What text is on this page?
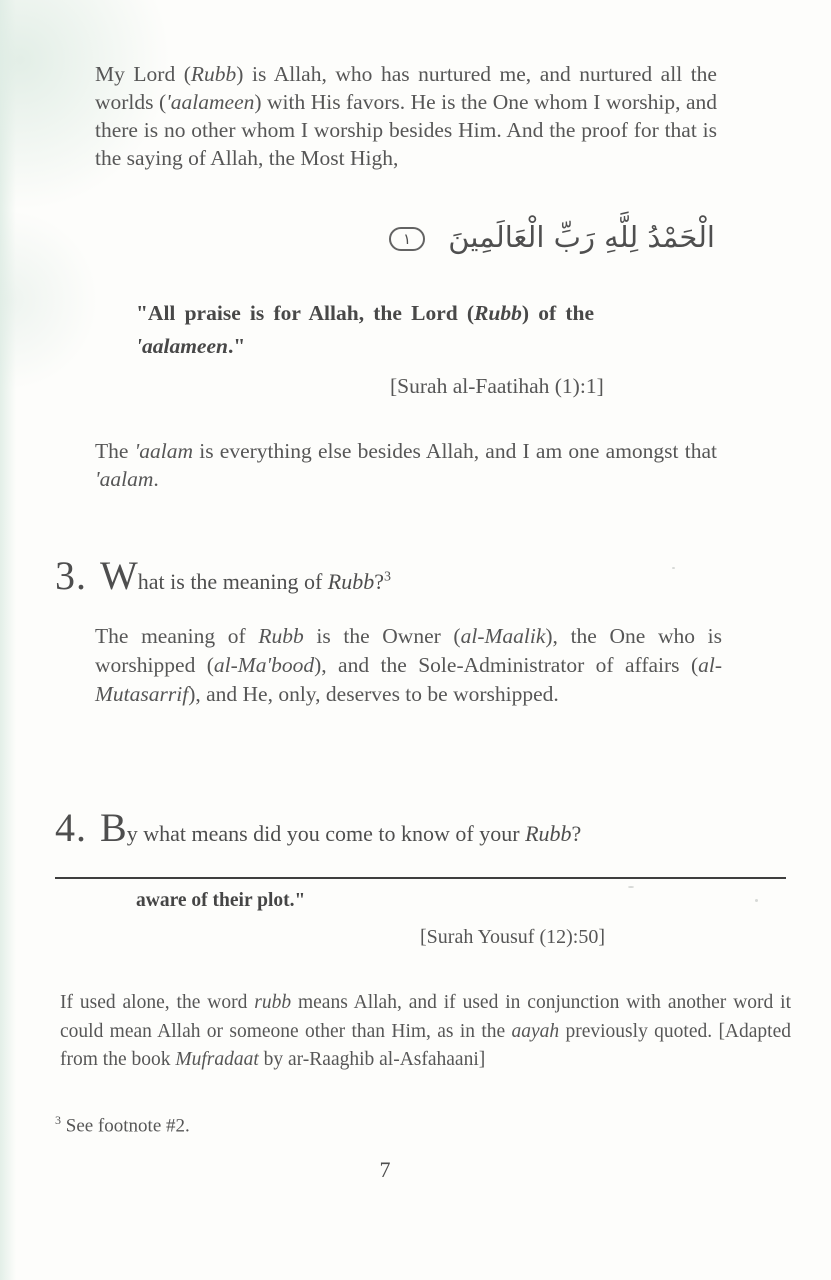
My Lord (Rubb) is Allah, who has nurtured me, and nurtured all the worlds ('aalameen) with His favors. He is the One whom I worship, and there is no other whom I worship besides Him. And the proof for that is the saying of Allah, the Most High,
الْحَمْدُ لِلَّهِ رَبِّ الْعَالَمِينَ ١
"All praise is for Allah, the Lord (Rubb) of the 'aalameen."
[Surah al-Faatihah (1):1]
The 'aalam is everything else besides Allah, and I am one amongst that 'aalam.
3. What is the meaning of Rubb?$^3$
The meaning of Rubb is the Owner (al-Maalik), the One who is worshipped (al-Ma'bood), and the Sole-Administrator of affairs (al-Mutasarrif), and He, only, deserves to be worshipped.
4. By what means did you come to know of your Rubb?
aware of their plot."
[Surah Yousuf (12):50]
If used alone, the word rubb means Allah, and if used in conjunction with another word it could mean Allah or someone other than Him, as in the aayah previously quoted. [Adapted from the book Mufradaat by ar-Raaghib al-Asfahaani]
$^3$ See footnote #2.
7
